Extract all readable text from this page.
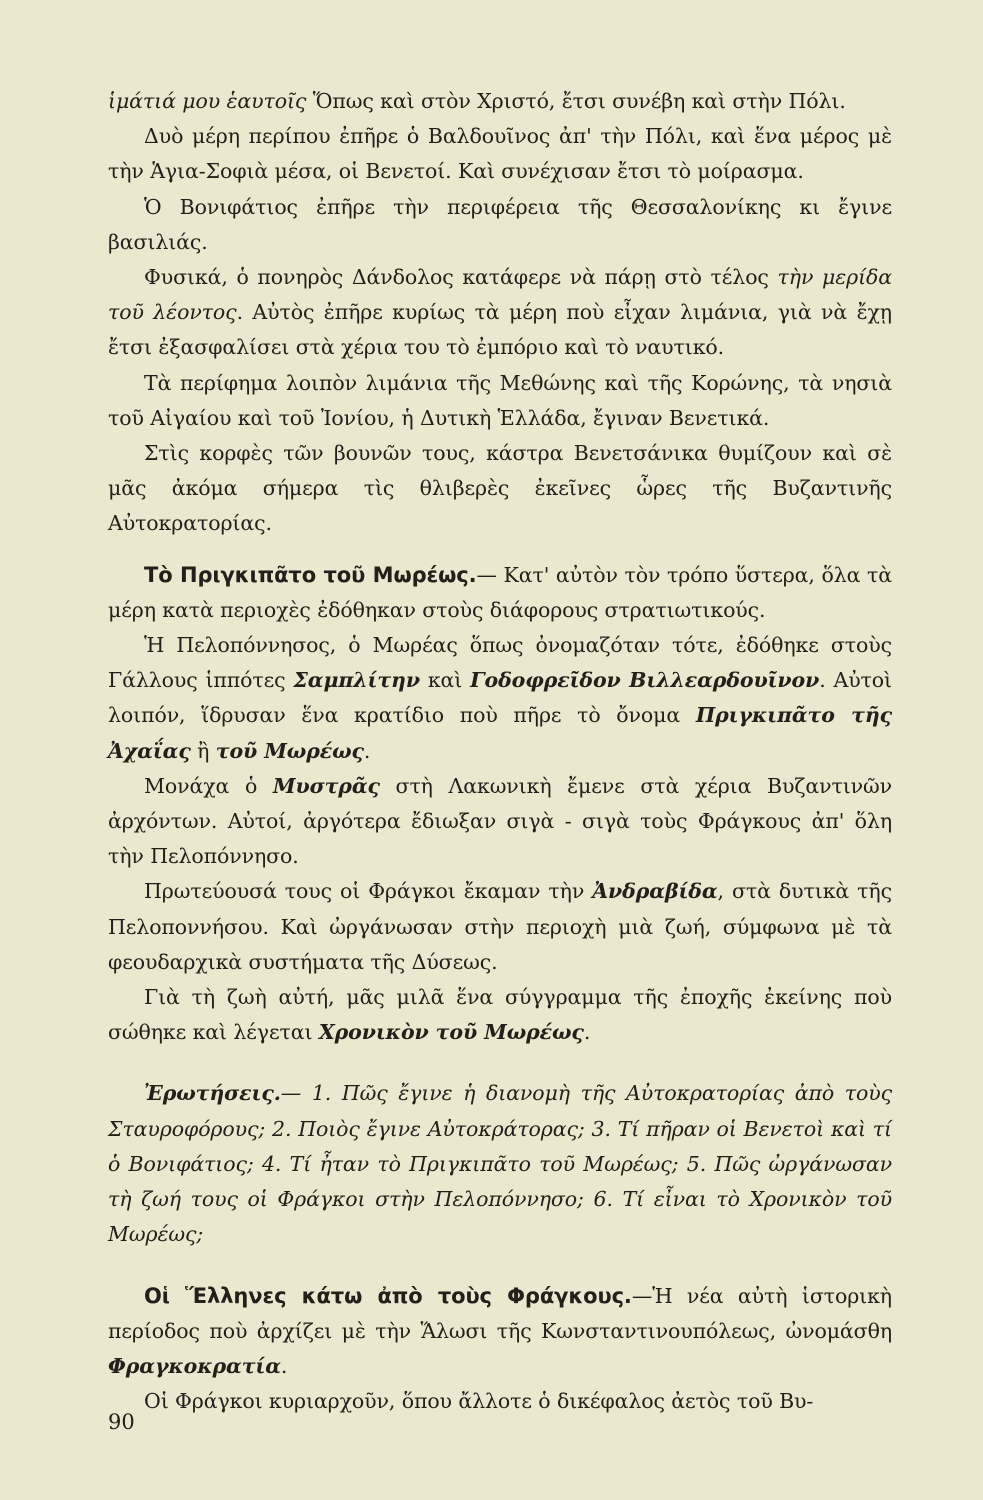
ἱμάτιά μου ἑαυτοῖς Ὅπως καὶ στὸν Χριστό, ἔτσι συνέβη καὶ στὴν Πόλι.

Δυὸ μέρη περίπου ἐπῆρε ὁ Βαλδουῖνος ἀπ' τὴν Πόλι, καὶ ἕνα μέρος μὲ τὴν Ἁγια-Σοφιὰ μέσα, οἱ Βενετοί. Καὶ συνέχισαν ἔτσι τὸ μοίρασμα.

Ὁ Βονιφάτιος ἐπῆρε τὴν περιφέρεια τῆς Θεσσαλονίκης κι ἔγινε βασιλιάς.

Φυσικά, ὁ πονηρὸς Δάνδολος κατάφερε νὰ πάρῃ στὸ τέλος τὴν μερίδα τοῦ λέοντος. Αὐτὸς ἐπῆρε κυρίως τὰ μέρη ποὺ εἶχαν λιμάνια, γιὰ νὰ ἔχῃ ἔτσι ἐξασφαλίσει στὰ χέρια του τὸ ἐμπόριο καὶ τὸ ναυτικό.

Τὰ περίφημα λοιπὸν λιμάνια τῆς Μεθώνης καὶ τῆς Κορώνης, τὰ νησιὰ τοῦ Αἰγαίου καὶ τοῦ Ἰονίου, ἡ Δυτικὴ Ἑλλάδα, ἔγιναν Βενετικά.

Στὶς κορφὲς τῶν βουνῶν τους, κάστρα Βενετσάνικα θυμίζουν καὶ σὲ μᾶς ἀκόμα σήμερα τὶς θλιβερὲς ἐκεῖνες ὧρες τῆς Βυζαντινῆς Αὐτοκρατορίας.

Τὸ Πριγκιπᾶτο τοῦ Μωρέως.— Κατ' αὐτὸν τὸν τρόπο ὕστερα, ὅλα τὰ μέρη κατὰ περιοχὲς ἐδόθηκαν στοὺς διάφορους στρατιωτικούς.

Ἡ Πελοπόννησος, ὁ Μωρέας ὅπως ὀνομαζόταν τότε, ἐδόθηκε στοὺς Γάλλους ἱππότες Σαμπλίτην καὶ Γοδοφρεῖδον Βιλλεαρδουῖνον. Αὐτοὶ λοιπόν, ἵδρυσαν ἕνα κρατίδιο ποὺ πῆρε τὸ ὄνομα Πριγκιπᾶτο τῆς Ἀχαΐας ἢ τοῦ Μωρέως.

Μονάχα ὁ Μυστρᾶς στὴ Λακωνικὴ ἔμενε στὰ χέρια Βυζαντινῶν ἀρχόντων. Αὐτοί, ἀργότερα ἔδιωξαν σιγὰ - σιγὰ τοὺς Φράγκους ἀπ' ὅλη τὴν Πελοπόννησο.

Πρωτεύουσά τους οἱ Φράγκοι ἔκαμαν τὴν Ἀνδραβίδα, στὰ δυτικὰ τῆς Πελοποννήσου. Καὶ ὠργάνωσαν στὴν περιοχὴ μιὰ ζωή, σύμφωνα μὲ τὰ φεουδαρχικὰ συστήματα τῆς Δύσεως.

Γιὰ τὴ ζωὴ αὐτή, μᾶς μιλᾶ ἕνα σύγγραμμα τῆς ἐποχῆς ἐκείνης ποὺ σώθηκε καὶ λέγεται Χρονικὸν τοῦ Μωρέως.

Ἐρωτήσεις.— 1. Πῶς ἔγινε ἡ διανομὴ τῆς Αὐτοκρατορίας ἀπὸ τοὺς Σταυροφόρους; 2. Ποιὸς ἔγινε Αὐτοκράτορας; 3. Τί πῆραν οἱ Βενετοὶ καὶ τί ὁ Βονιφάτιος; 4. Τί ἦταν τὸ Πριγκιπᾶτο τοῦ Μωρέως; 5. Πῶς ὠργάνωσαν τὴ ζωή τους οἱ Φράγκοι στὴν Πελοπόννησο; 6. Τί εἶναι τὸ Χρονικὸν τοῦ Μωρέως;

Οἱ Ἕλληνες κάτω ἀπὸ τοὺς Φράγκους.—Ἡ νέα αὐτὴ ἱστορικὴ περίοδος ποὺ ἀρχίζει μὲ τὴν Ἅλωσι τῆς Κωνσταντινουπόλεως, ὠνομάσθη Φραγκοκρατία.

Οἱ Φράγκοι κυριαρχοῦν, ὅπου ἄλλοτε ὁ δικέφαλος ἀετὸς τοῦ Βυ-

90
